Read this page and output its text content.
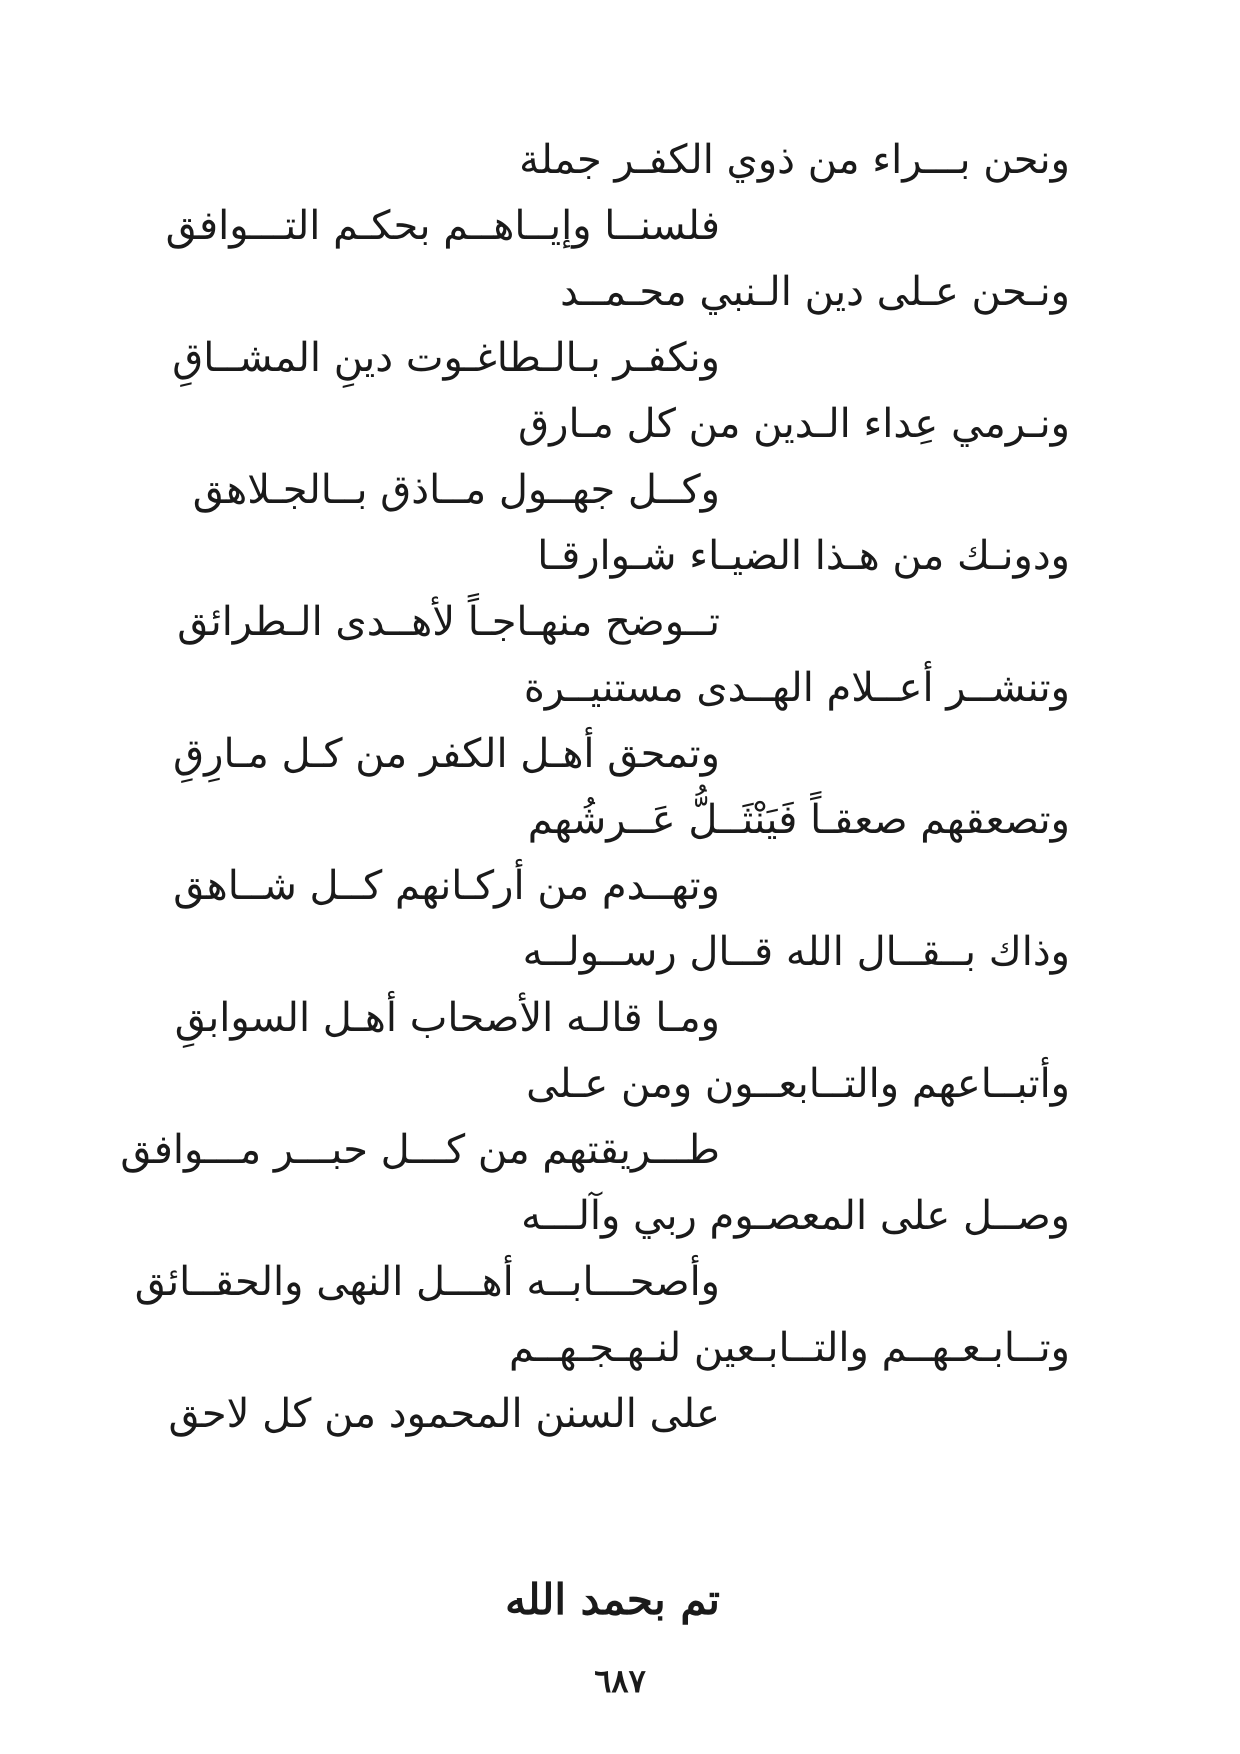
ونحن بـــراء من ذوي الكفـر جملة
فلسنــا وإيــاهــم بحكـم التـــوافق
ونـحن عـلى دين الـنبي محـمــد
ونكفـر بـالـطاغـوت دينِ المشــاقِ
ونـرمي عِداء الـدين من كل مـارق
وكــل جهــول مــاذق بــالجـلاهق
ودونـك من هـذا الضيـاء شـوارقـا
تــوضح منهـاجـاً لأهــدى الـطرائق
وتنشــر أعــلام الهــدى مستنيــرة
وتمحق أهـل الكفر من كـل مـارِقِ
وتصعقهم صعقـاً فَيَنْثَــلُّ عَــرشُهم
وتهــدم من أركـانهم كــل شــاهق
وذاك بــقــال الله قــال رســولــه
ومـا قالـه الأصحاب أهـل السوابقِ
وأتبــاعهم والتــابعــون ومن عـلى
طـــريقتهم من كـــل حبـــر مـــوافق
وصــل على المعصـوم ربي وآلـــه
وأصحـــابــه أهـــل النهى والحقــائق
وتــابـعـهــم والتــابـعين لنـهـجـهــم
على السنن المحمود من كل لاحق
تم بحمد الله
٦٨٧
